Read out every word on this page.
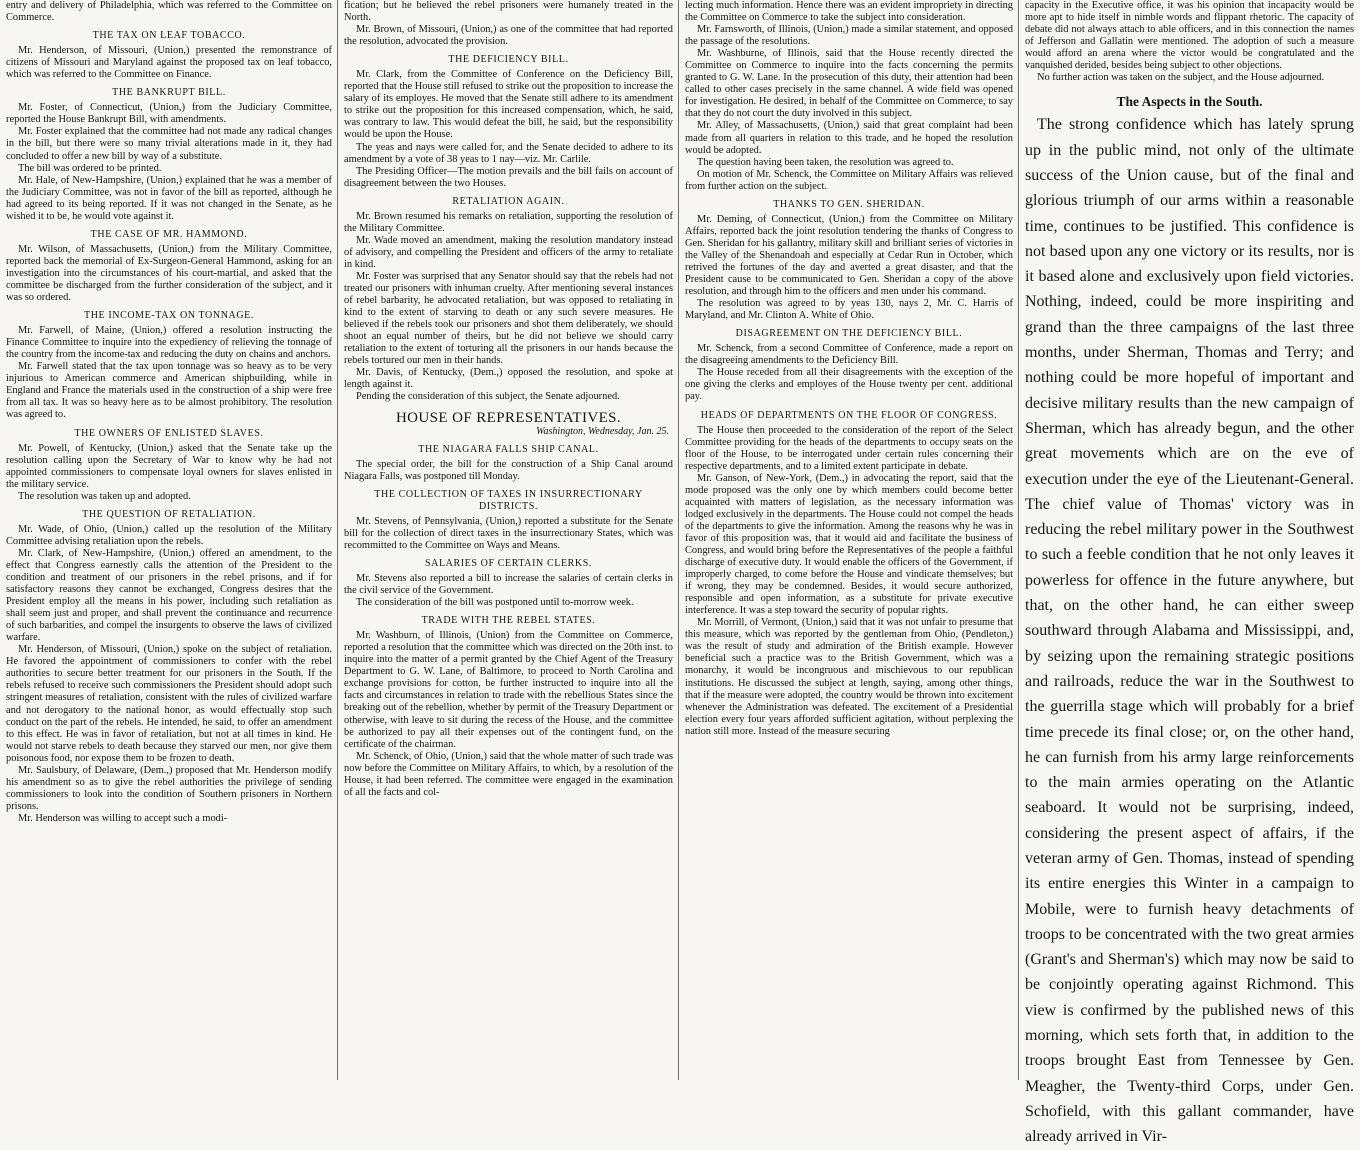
entry and delivery of Philadelphia, which was referred to the Committee on Commerce.

THE TAX ON LEAF TOBACCO.

Mr. Henderson, of Missouri, (Union,) presented the remonstrance of citizens of Missouri and Maryland against the proposed tax on leaf tobacco, which was referred to the Committee on Finance.

THE BANKRUPT BILL.

Mr. Foster, of Connecticut, (Union,) from the Judiciary Committee, reported the House Bankrupt Bill, with amendments.

Mr. Foster explained that the committee had not made any radical changes in the bill, but there were so many trivial alterations made in it, they had concluded to offer a new bill by way of a substitute.

The bill was ordered to be printed.

Mr. Hale, of New-Hampshire, (Union,) explained that he was a member of the Judiciary Committee, was not in favor of the bill as reported, although he had agreed to its being reported. If it was not changed in the Senate, as he wished it to be, he would vote against it.

THE CASE OF MR. HAMMOND.

Mr. Wilson, of Massachusetts, (Union,) from the Military Committee, reported back the memorial of Ex-Surgeon-General Hammond, asking for an investigation into the circumstances of his court-martial, and asked that the committee be discharged from the further consideration of the subject, and it was so ordered.

THE INCOME-TAX ON TONNAGE.

Mr. Farwell, of Maine, (Union,) offered a resolution instructing the Finance Committee to inquire into the expediency of relieving the tonnage of the country from the income-tax and reducing the duty on chains and anchors.

Mr. Farwell stated that the tax upon tonnage was so heavy as to be very injurious to American commerce and American shipbuilding, while in England and France the materials used in the construction of a ship were free from all tax. It was so heavy here as to be almost prohibitory. The resolution was agreed to.

THE OWNERS OF ENLISTED SLAVES.

Mr. Powell, of Kentucky, (Union,) asked that the Senate take up the resolution calling upon the Secretary of War to know why he had not appointed commissioners to compensate loyal owners for slaves enlisted in the military service.

The resolution was taken up and adopted.

THE QUESTION OF RETALIATION.

Mr. Wade, of Ohio, (Union,) called up the resolution of the Military Committee advising retaliation upon the rebels.

Mr. Clark, of New-Hampshire, (Union,) offered an amendment, to the effect that Congress earnestly calls the attention of the President to the condition and treatment of our prisoners in the rebel prisons, and if for satisfactory reasons they cannot be exchanged, Congress desires that the President employ all the means in his power, including such retaliation as shall seem just and proper, and shall prevent the continuance and recurrence of such barbarities, and compel the insurgents to observe the laws of civilized warfare.

Mr. Henderson, of Missouri, (Union,) spoke on the subject of retaliation. He favored the appointment of commissioners to confer with the rebel authorities to secure better treatment for our prisoners in the South. If the rebels refused to receive such commissioners the President should adopt such stringent measures of retaliation, consistent with the rules of civilized warfare and not derogatory to the national honor, as would effectually stop such conduct on the part of the rebels. He intended, he said, to offer an amendment to this effect. He was in favor of retaliation, but not at all times in kind. He would not starve rebels to death because they starved our men, nor give them poisonous food, nor expose them to be frozen to death.

Mr. Saulsbury, of Delaware, (Dem.,) proposed that Mr. Henderson modify his amendment so as to give the rebel authorities the privilege of sending commissioners to look into the condition of Southern prisoners in Northern prisons.

Mr. Henderson was willing to accept such a modi-

fication; but he believed the rebel prisoners were humanely treated in the North.

Mr. Brown, of Missouri, (Union,) as one of the committee that had reported the resolution, advocated the provision.

THE DEFICIENCY BILL.

Mr. Clark, from the Committee of Conference on the Deficiency Bill, reported that the House still refused to strike out the proposition to increase the salary of its employes. He moved that the Senate still adhere to its amendment to strike out the proposition for this increased compensation, which, he said, was contrary to law. This would defeat the bill, he said, but the responsibility would be upon the House.

The yeas and nays were called for, and the Senate decided to adhere to its amendment by a vote of 38 yeas to 1 nay—viz. Mr. Carlile.

The Presiding Officer—The motion prevails and the bill fails on account of disagreement between the two Houses.

RETALIATION AGAIN.

Mr. Brown resumed his remarks on retaliation, supporting the resolution of the Military Committee.

Mr. Wade moved an amendment, making the resolution mandatory instead of advisory, and compelling the President and officers of the army to retaliate in kind.

Mr. Foster was surprised that any Senator should say that the rebels had not treated our prisoners with inhuman cruelty. After mentioning several instances of rebel barbarity, he advocated retaliation, but was opposed to retaliating in kind to the extent of starving to death or any such severe measures. He believed if the rebels took our prisoners and shot them deliberately, we should shoot an equal number of theirs, but he did not believe we should carry retaliation to the extent of torturing all the prisoners in our hands because the rebels tortured our men in their hands.

Mr. Davis, of Kentucky, (Dem.,) opposed the resolution, and spoke at length against it.

Pending the consideration of this subject, the Senate adjourned.

HOUSE OF REPRESENTATIVES.
Washington, Wednesday, Jan. 25.
THE NIAGARA FALLS SHIP CANAL.

The special order, the bill for the construction of a Ship Canal around Niagara Falls, was postponed till Monday.

THE COLLECTION OF TAXES IN INSURRECTIONARY DISTRICTS.

Mr. Stevens, of Pennsylvania, (Union,) reported a substitute for the Senate bill for the collection of direct taxes in the insurrectionary States, which was recommitted to the Committee on Ways and Means.

SALARIES OF CERTAIN CLERKS.

Mr. Stevens also reported a bill to increase the salaries of certain clerks in the civil service of the Government.

The consideration of the bill was postponed until to-morrow week.

TRADE WITH THE REBEL STATES.

Mr. Washburn, of Illinois, (Union) from the Committee on Commerce, reported a resolution that the committee which was directed on the 20th inst. to inquire into the matter of a permit granted by the Chief Agent of the Treasury Department to G. W. Lane, of Baltimore, to proceed to North Carolina and exchange provisions for cotton, be further instructed to inquire into all the facts and circumstances in relation to trade with the rebellious States since the breaking out of the rebellion, whether by permit of the Treasury Department or otherwise, with leave to sit during the recess of the House, and the committee be authorized to pay all their expenses out of the contingent fund, on the certificate of the chairman.

Mr. Schenck, of Ohio, (Union,) said that the whole matter of such trade was now before the Committee on Military Affairs, to which, by a resolution of the House, it had been referred. The committee were engaged in the examination of all the facts and col-

lecting much information. Hence there was an evident impropriety in directing the Committee on Commerce to take the subject into consideration.

Mr. Farnsworth, of Illinois, (Union,) made a similar statement, and opposed the passage of the resolutions.

Mr. Washburne, of Illinois, said that the House recently directed the Committee on Commerce to inquire into the facts concerning the permits granted to G. W. Lane. In the prosecution of this duty, their attention had been called to other cases precisely in the same channel. A wide field was opened for investigation. He desired, in behalf of the Committee on Commerce, to say that they do not court the duty involved in this subject.

Mr. Alley, of Massachusetts, (Union,) said that great complaint had been made from all quarters in relation to this trade, and he hoped the resolution would be adopted.

The question having been taken, the resolution was agreed to.

On motion of Mr. Schenck, the Committee on Military Affairs was relieved from further action on the subject.

THANKS TO GEN. SHERIDAN.

Mr. Deming, of Connecticut, (Union,) from the Committee on Military Affairs, reported back the joint resolution tendering the thanks of Congress to Gen. Sheridan for his gallantry, military skill and brilliant series of victories in the Valley of the Shenandoah and especially at Cedar Run in October, which retrived the fortunes of the day and averted a great disaster, and that the President cause to be communicated to Gen. Sheridan a copy of the above resolution, and through him to the officers and men under his command.

The resolution was agreed to by yeas 130, nays 2, Mr. C. Harris of Maryland, and Mr. Clinton A. White of Ohio.

DISAGREEMENT ON THE DEFICIENCY BILL.

Mr. Schenck, from a second Committee of Conference, made a report on the disagreeing amendments to the Deficiency Bill.

The House receded from all their disagreements with the exception of the one giving the clerks and employes of the House twenty per cent. additional pay.

HEADS OF DEPARTMENTS ON THE FLOOR OF CONGRESS.

The House then proceeded to the consideration of the report of the Select Committee providing for the heads of the departments to occupy seats on the floor of the House, to be interrogated under certain rules concerning their respective departments, and to a limited extent participate in debate.

Mr. Ganson, of New-York, (Dem.,) in advocating the report, said that the mode proposed was the only one by which members could become better acquainted with matters of legislation, as the necessary information was lodged exclusively in the departments. The House could not compel the heads of the departments to give the information. Among the reasons why he was in favor of this proposition was, that it would aid and facilitate the business of Congress, and would bring before the Representatives of the people a faithful discharge of executive duty. It would enable the officers of the Government, if improperly charged, to come before the House and vindicate themselves; but if wrong, they may be condemned. Besides, it would secure authorized, responsible and open information, as a substitute for private executive interference. It was a step toward the security of popular rights.

Mr. Morrill, of Vermont, (Union,) said that it was not unfair to presume that this measure, which was reported by the gentleman from Ohio, (Pendleton,) was the result of study and admiration of the British example. However beneficial such a practice was to the British Government, which was a monarchy, it would be incongruous and mischievous to our republican institutions. He discussed the subject at length, saying, among other things, that if the measure were adopted, the country would be thrown into excitement whenever the Administration was defeated. The excitement of a Presidential election every four years afforded sufficient agitation, without perplexing the nation still more. Instead of the measure securing

capacity in the Executive office, it was his opinion that incapacity would be more apt to hide itself in nimble words and flippant rhetoric. The capacity of debate did not always attach to able officers, and in this connection the names of Jefferson and Gallatin were mentioned. The adoption of such a measure would afford an arena where the victor would be congratulated and the vanquished derided, besides being subject to other objections.

No further action was taken on the subject, and the House adjourned.

The Aspects in the South.

The strong confidence which has lately sprung up in the public mind, not only of the ultimate success of the Union cause, but of the final and glorious triumph of our arms within a reasonable time, continues to be justified. This confidence is not based upon any one victory or its results, nor is it based alone and exclusively upon field victories. Nothing, indeed, could be more inspiriting and grand than the three campaigns of the last three months, under Sherman, Thomas and Terry; and nothing could be more hopeful of important and decisive military results than the new campaign of Sherman, which has already begun, and the other great movements which are on the eve of execution under the eye of the Lieutenant-General. The chief value of Thomas' victory was in reducing the rebel military power in the Southwest to such a feeble condition that he not only leaves it powerless for offence in the future anywhere, but that, on the other hand, he can either sweep southward through Alabama and Mississippi, and, by seizing upon the remaining strategic positions and railroads, reduce the war in the Southwest to the guerrilla stage which will probably for a brief time precede its final close; or, on the other hand, he can furnish from his army large reinforcements to the main armies operating on the Atlantic seaboard. It would not be surprising, indeed, considering the present aspect of affairs, if the veteran army of Gen. Thomas, instead of spending its entire energies this Winter in a campaign to Mobile, were to furnish heavy detachments of troops to be concentrated with the two great armies (Grant's and Sherman's) which may now be said to be conjointly operating against Richmond. This view is confirmed by the published news of this morning, which sets forth that, in addition to the troops brought East from Tennessee by Gen. Meagher, the Twenty-third Corps, under Gen. Schofield, with this gallant commander, have already arrived in Vir-
